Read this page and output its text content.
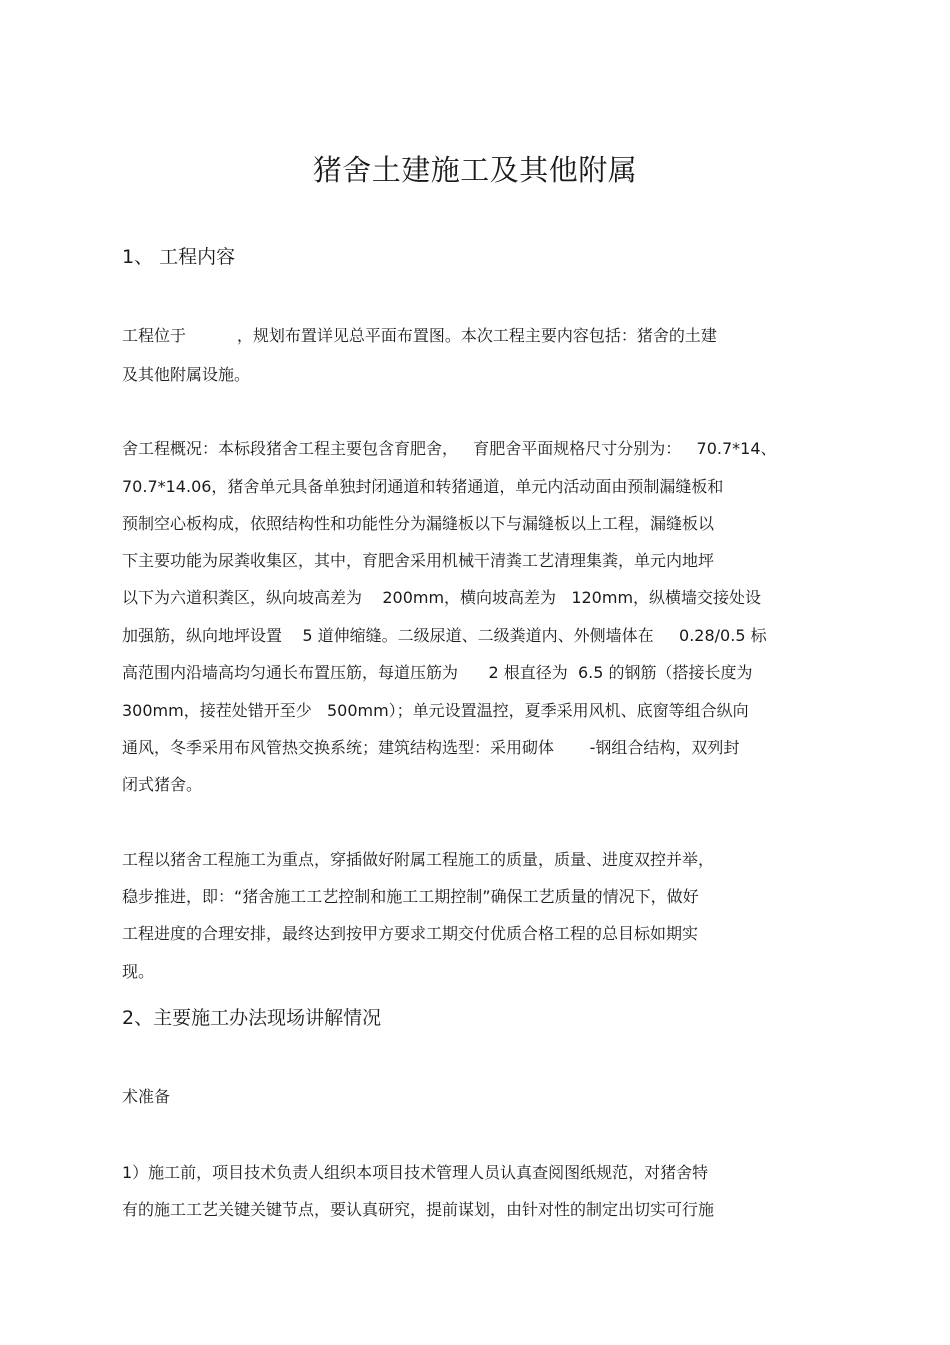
猪舍土建施工及其他附属
1、 工程内容

工程位于          ，规划布置详见总平面布置图。本次工程主要内容包括：猪舍的土建

及其他附属设施。

舍工程概况：本标段猪舍工程主要包含育肥舍，   育肥舍平面规格尺寸分别为：   70.7*14、

70.7*14.06，猪舍单元具备单独封闭通道和转猪通道，单元内活动面由预制漏缝板和

预制空心板构成，依照结构性和功能性分为漏缝板以下与漏缝板以上工程，漏缝板以

下主要功能为尿粪收集区，其中，育肥舍采用机械干清粪工艺清理集粪，单元内地坪

以下为六道积粪区，纵向坡高差为    200mm，横向坡高差为   120mm，纵横墙交接处设

加强筋，纵向地坪设置    5 道伸缩缝。二级尿道、二级粪道内、外侧墙体在     0.28/0.5 标

高范围内沿墙高均匀通长布置压筋，每道压筋为      2 根直径为  6.5 的钢筋（搭接长度为

300mm，接茬处错开至少   500mm）；单元设置温控，夏季采用风机、底窗等组合纵向

通风，冬季采用布风管热交换系统；建筑结构选型：采用砌体       -钢组合结构，双列封

闭式猪舍。

工程以猪舍工程施工为重点，穿插做好附属工程施工的质量，质量、进度双控并举，

稳步推进，即：“猪舍施工工艺控制和施工工期控制”确保工艺质量的情况下，做好

工程进度的合理安排，最终达到按甲方要求工期交付优质合格工程的总目标如期实

现。

2、主要施工办法现场讲解情况

术准备

1）施工前，项目技术负责人组织本项目技术管理人员认真查阅图纸规范，对猪舍特

有的施工工艺关键关键节点，要认真研究，提前谋划，由针对性的制定出切实可行施
